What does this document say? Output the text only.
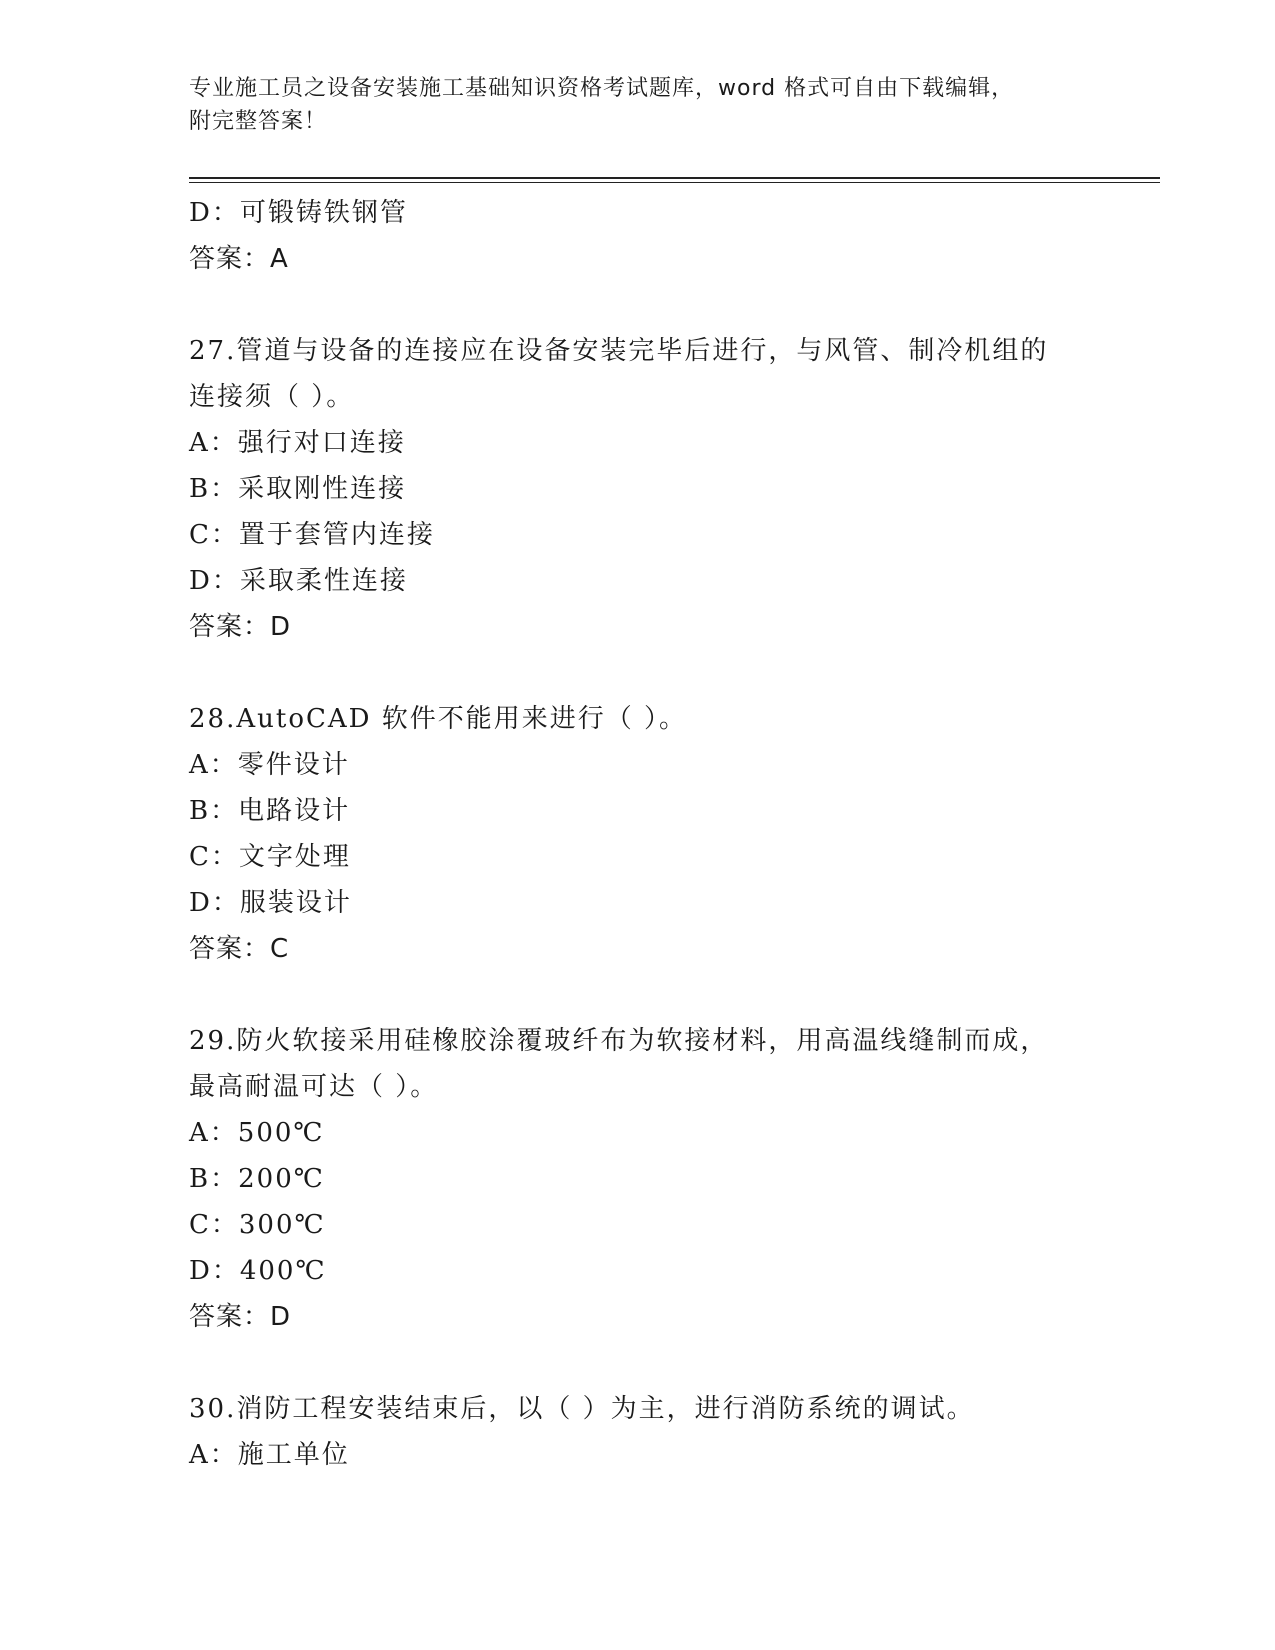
专业施工员之设备安装施工基础知识资格考试题库，word 格式可自由下载编辑，
附完整答案！
D：可锻铸铁钢管
答案：A
27.管道与设备的连接应在设备安装完毕后进行，与风管、制冷机组的
连接须（ ）。
A：强行对口连接
B：采取刚性连接
C：置于套管内连接
D：采取柔性连接
答案：D
28.AutoCAD 软件不能用来进行（ ）。
A：零件设计
B：电路设计
C：文字处理
D：服装设计
答案：C
29.防火软接采用硅橡胶涂覆玻纤布为软接材料，用高温线缝制而成，
最高耐温可达（ ）。
A：500℃
B：200℃
C：300℃
D：400℃
答案：D
30.消防工程安装结束后，以（ ）为主，进行消防系统的调试。
A：施工单位
